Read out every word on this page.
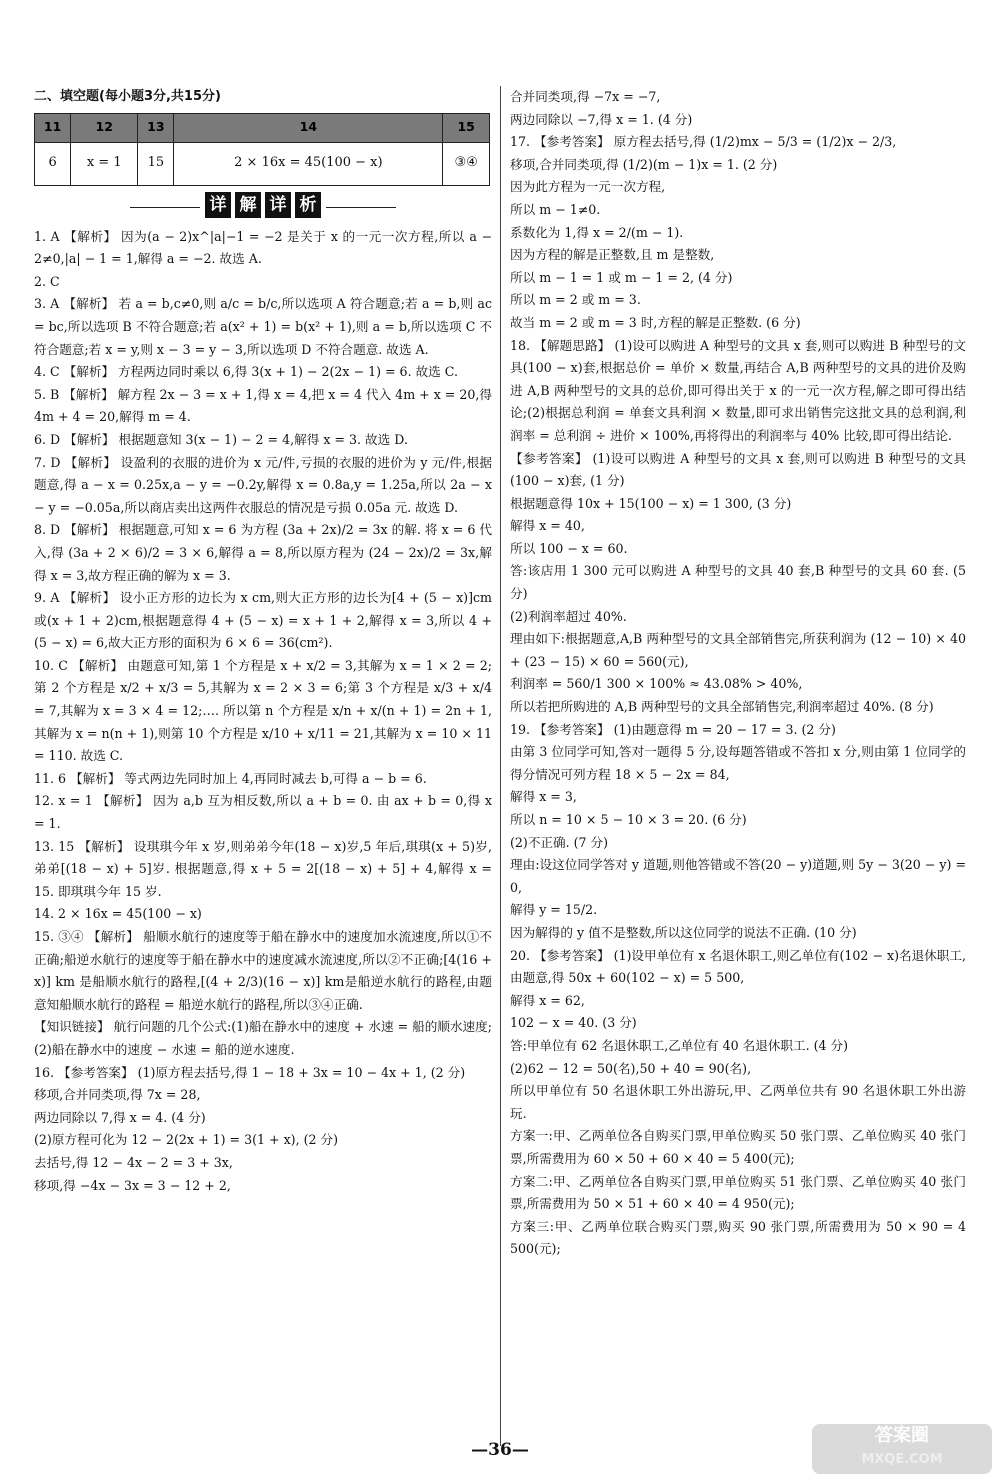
二、填空题(每小题3分,共15分)

11	12	13	14	15
6	x = 1	15	2 × 16x = 45(100 − x)	③④
详 解 详 析

1. A 【解析】 因为(a − 2)x^|a|−1 = −2 是关于 x 的一元一次方程,所以 a − 2≠0,|a| − 1 = 1,解得 a = −2. 故选 A.

2. C

3. A 【解析】 若 a = b,c≠0,则 a/c = b/c,所以选项 A 符合题意;若 a = b,则 ac = bc,所以选项 B 不符合题意;若 a(x² + 1) = b(x² + 1),则 a = b,所以选项 C 不符合题意;若 x = y,则 x − 3 = y − 3,所以选项 D 不符合题意. 故选 A.

4. C 【解析】 方程两边同时乘以 6,得 3(x + 1) − 2(2x − 1) = 6. 故选 C.

5. B 【解析】 解方程 2x − 3 = x + 1,得 x = 4,把 x = 4 代入 4m + x = 20,得4m + 4 = 20,解得 m = 4.

6. D 【解析】 根据题意知 3(x − 1) − 2 = 4,解得 x = 3. 故选 D.

7. D 【解析】 设盈利的衣服的进价为 x 元/件,亏损的衣服的进价为 y 元/件,根据题意,得 a − x = 0.25x,a − y = −0.2y,解得 x = 0.8a,y = 1.25a,所以 2a − x − y = −0.05a,所以商店卖出这两件衣服总的情况是亏损 0.05a 元. 故选 D.

8. D 【解析】 根据题意,可知 x = 6 为方程 (3a + 2x)/2 = 3x 的解. 将 x = 6 代入,得 (3a + 2 × 6)/2 = 3 × 6,解得 a = 8,所以原方程为 (24 − 2x)/2 = 3x,解得 x = 3,故方程正确的解为 x = 3.

9. A 【解析】 设小正方形的边长为 x cm,则大正方形的边长为[4 + (5 − x)]cm 或(x + 1 + 2)cm,根据题意得 4 + (5 − x) = x + 1 + 2,解得 x = 3,所以 4 + (5 − x) = 6,故大正方形的面积为 6 × 6 = 36(cm²).

10. C 【解析】 由题意可知,第 1 个方程是 x + x/2 = 3,其解为 x = 1 × 2 = 2;第 2 个方程是 x/2 + x/3 = 5,其解为 x = 2 × 3 = 6;第 3 个方程是 x/3 + x/4 = 7,其解为 x = 3 × 4 = 12;…. 所以第 n 个方程是 x/n + x/(n + 1) = 2n + 1,其解为 x = n(n + 1),则第 10 个方程是 x/10 + x/11 = 21,其解为 x = 10 × 11 = 110. 故选 C.

11. 6 【解析】 等式两边先同时加上 4,再同时减去 b,可得 a − b = 6.

12. x = 1 【解析】 因为 a,b 互为相反数,所以 a + b = 0. 由 ax + b = 0,得 x = 1.

13. 15 【解析】 设琪琪今年 x 岁,则弟弟今年(18 − x)岁,5 年后,琪琪(x + 5)岁,弟弟[(18 − x) + 5]岁. 根据题意,得 x + 5 = 2[(18 − x) + 5] + 4,解得 x = 15. 即琪琪今年 15 岁.

14. 2 × 16x = 45(100 − x)

15. ③④ 【解析】 船顺水航行的速度等于船在静水中的速度加水流速度,所以①不正确;船逆水航行的速度等于船在静水中的速度减水流速度,所以②不正确;[4(16 + x)] km 是船顺水航行的路程,[(4 + 2/3)(16 − x)] km是船逆水航行的路程,由题意知船顺水航行的路程 = 船逆水航行的路程,所以③④正确.

【知识链接】 航行问题的几个公式:(1)船在静水中的速度 + 水速 = 船的顺水速度;(2)船在静水中的速度 − 水速 = 船的逆水速度.

16. 【参考答案】 (1)原方程去括号,得 1 − 18 + 3x = 10 − 4x + 1, (2 分)

移项,合并同类项,得 7x = 28,

两边同除以 7,得 x = 4. (4 分)

(2)原方程可化为 12 − 2(2x + 1) = 3(1 + x), (2 分)

去括号,得 12 − 4x − 2 = 3 + 3x,

移项,得 −4x − 3x = 3 − 12 + 2,

合并同类项,得 −7x = −7,

两边同除以 −7,得 x = 1. (4 分)

17. 【参考答案】 原方程去括号,得 (1/2)mx − 5/3 = (1/2)x − 2/3,

移项,合并同类项,得 (1/2)(m − 1)x = 1. (2 分)

因为此方程为一元一次方程,

所以 m − 1≠0.

系数化为 1,得 x = 2/(m − 1).

因为方程的解是正整数,且 m 是整数,

所以 m − 1 = 1 或 m − 1 = 2, (4 分)

所以 m = 2 或 m = 3.

故当 m = 2 或 m = 3 时,方程的解是正整数. (6 分)

18. 【解题思路】 (1)设可以购进 A 种型号的文具 x 套,则可以购进 B 种型号的文具(100 − x)套,根据总价 = 单价 × 数量,再结合 A,B 两种型号的文具的进价及购进 A,B 两种型号的文具的总价,即可得出关于 x 的一元一次方程,解之即可得出结论;(2)根据总利润 = 单套文具利润 × 数量,即可求出销售完这批文具的总利润,利润率 = 总利润 ÷ 进价 × 100%,再将得出的利润率与 40% 比较,即可得出结论.

【参考答案】 (1)设可以购进 A 种型号的文具 x 套,则可以购进 B 种型号的文具(100 − x)套, (1 分)

根据题意得 10x + 15(100 − x) = 1 300, (3 分)

解得 x = 40,

所以 100 − x = 60.

答:该店用 1 300 元可以购进 A 种型号的文具 40 套,B 种型号的文具 60 套. (5 分)

(2)利润率超过 40%.

理由如下:根据题意,A,B 两种型号的文具全部销售完,所获利润为 (12 − 10) × 40 + (23 − 15) × 60 = 560(元),

利润率 = 560/1 300 × 100% ≈ 43.08% > 40%,

所以若把所购进的 A,B 两种型号的文具全部销售完,利润率超过 40%. (8 分)

19. 【参考答案】 (1)由题意得 m = 20 − 17 = 3. (2 分)

由第 3 位同学可知,答对一题得 5 分,设每题答错或不答扣 x 分,则由第 1 位同学的得分情况可列方程 18 × 5 − 2x = 84,

解得 x = 3,

所以 n = 10 × 5 − 10 × 3 = 20. (6 分)

(2)不正确. (7 分)

理由:设这位同学答对 y 道题,则他答错或不答(20 − y)道题,则 5y − 3(20 − y) = 0,

解得 y = 15/2.

因为解得的 y 值不是整数,所以这位同学的说法不正确. (10 分)

20. 【参考答案】 (1)设甲单位有 x 名退休职工,则乙单位有(102 − x)名退休职工,

由题意,得 50x + 60(102 − x) = 5 500,

解得 x = 62,

102 − x = 40. (3 分)

答:甲单位有 62 名退休职工,乙单位有 40 名退休职工. (4 分)

(2)62 − 12 = 50(名),50 + 40 = 90(名),

所以甲单位有 50 名退休职工外出游玩,甲、乙两单位共有 90 名退休职工外出游玩.

方案一:甲、乙两单位各自购买门票,甲单位购买 50 张门票、乙单位购买 40 张门票,所需费用为 60 × 50 + 60 × 40 = 5 400(元);

方案二:甲、乙两单位各自购买门票,甲单位购买 51 张门票、乙单位购买 40 张门票,所需费用为 50 × 51 + 60 × 40 = 4 950(元);

方案三:甲、乙两单位联合购买门票,购买 90 张门票,所需费用为 50 × 90 = 4 500(元);

—36—
答案圈
MXQE.COM
